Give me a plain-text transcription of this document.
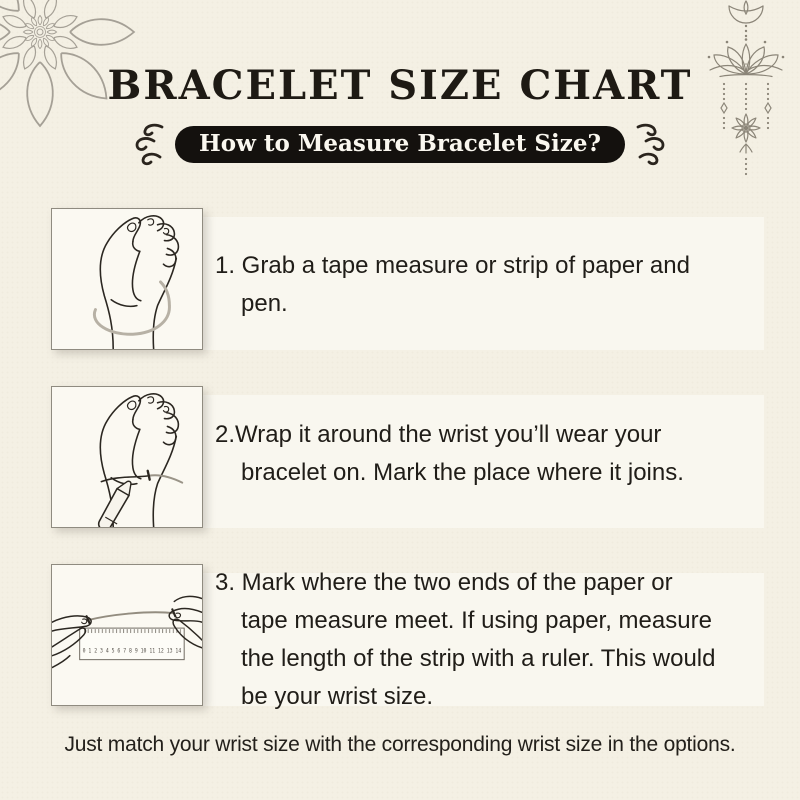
BRACELET SIZE CHART
How to Measure Bracelet Size?
1. Grab a tape measure or strip of paper and
pen.
2.Wrap it around the wrist you’ll wear your
bracelet on. Mark the place where it joins.
0 1 2 3 4 5 6 7 8 9 10 11 12 13 14
3. Mark where the two ends of the paper or
tape measure meet. If using paper, measure
the length of the strip with a ruler. This would
be your wrist size.

Just match your wrist size with the corresponding wrist size in the options.
